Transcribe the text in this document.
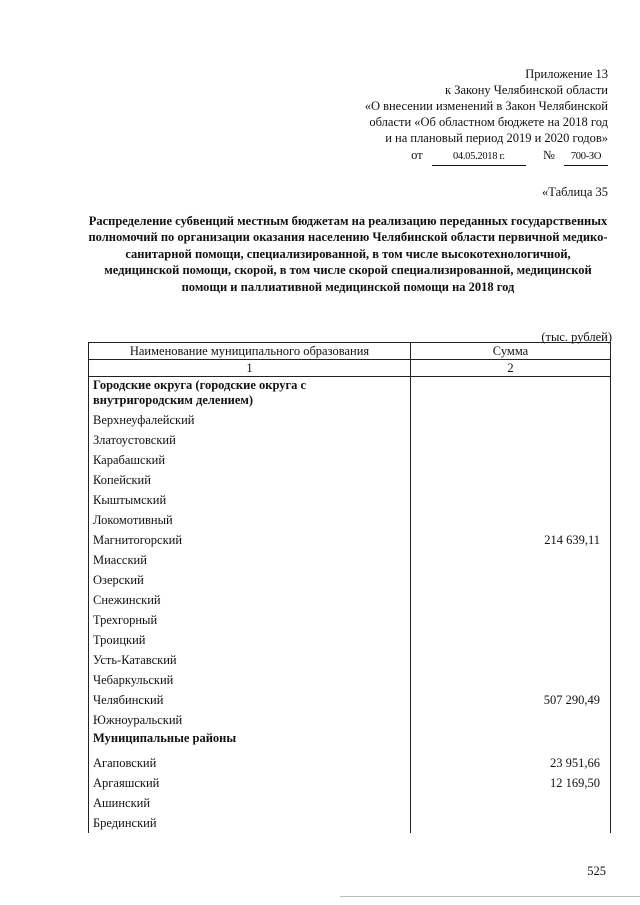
Приложение 13
к Закону Челябинской области
«О внесении изменений в Закон Челябинской
области «Об областном бюджете на 2018 год
и на плановый период 2019 и 2020 годов»
от	04.05.2018 г.	№ 700-ЗО
«Таблица 35
Распределение субвенций местным бюджетам на реализацию переданных государственных полномочий по организации оказания населению Челябинской области первичной медико-санитарной помощи, специализированной, в том числе высокотехнологичной, медицинской помощи, скорой, в том числе скорой специализированной, медицинской помощи и паллиативной медицинской помощи на 2018 год
(тыс. рублей)
Наименование муниципального образования	Сумма
1	2
Городские округа (городские округа с внутригородским делением)	
Верхнеуфалейский	
Златоустовский	
Карабашский	
Копейский	
Кыштымский	
Локомотивный	
Магнитогорский	214 639,11
Миасский	
Озерский	
Снежинский	
Трехгорный	
Троицкий	
Усть-Катавский	
Чебаркульский	
Челябинский	507 290,49
Южноуральский	
Муниципальные районы	
Агаповский	23 951,66
Аргаяшский	12 169,50
Ашинский	
Брединский	
525
